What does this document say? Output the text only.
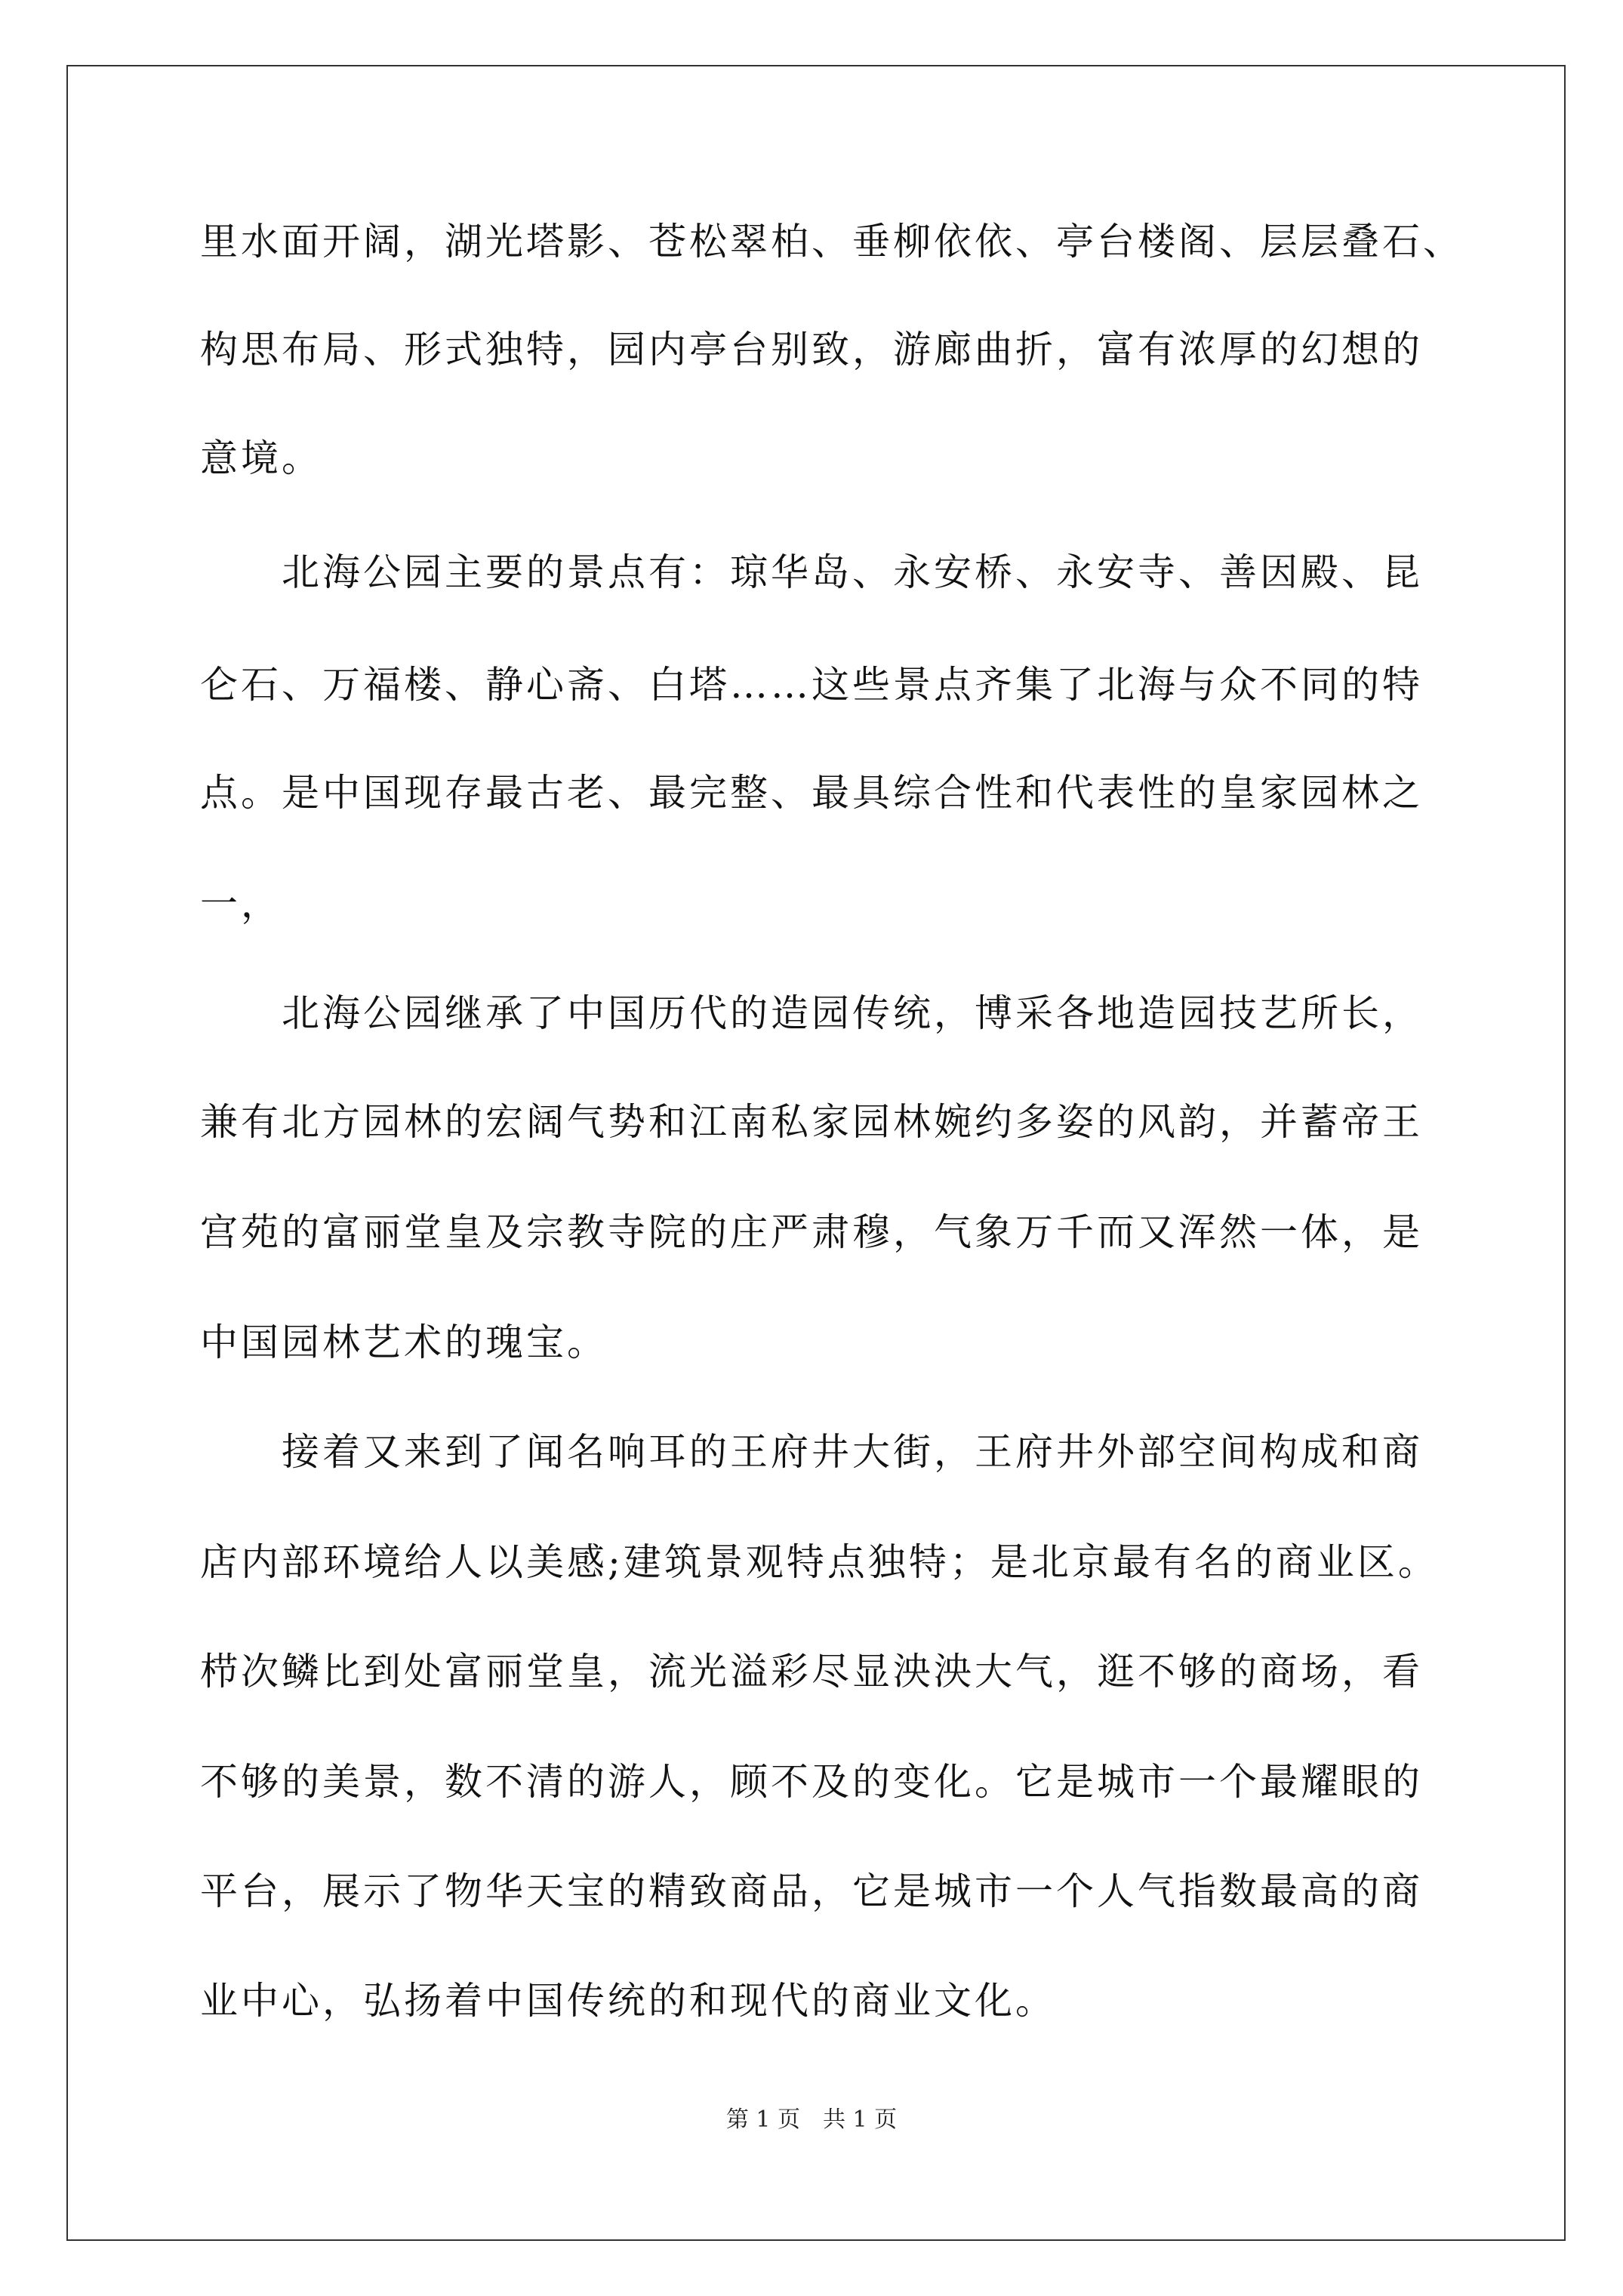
里水面开阔，湖光塔影、苍松翠柏、垂柳依依、亭台楼阁、层层叠石、
构思布局、形式独特，园内亭台别致，游廊曲折，富有浓厚的幻想的
意境。
　　北海公园主要的景点有：琼华岛、永安桥、永安寺、善因殿、昆
仑石、万福楼、静心斋、白塔……这些景点齐集了北海与众不同的特
点。是中国现存最古老、最完整、最具综合性和代表性的皇家园林之
一，
　　北海公园继承了中国历代的造园传统，博采各地造园技艺所长，
兼有北方园林的宏阔气势和江南私家园林婉约多姿的风韵，并蓄帝王
宫苑的富丽堂皇及宗教寺院的庄严肃穆，气象万千而又浑然一体，是
中国园林艺术的瑰宝。
　　接着又来到了闻名响耳的王府井大街，王府井外部空间构成和商
店内部环境给人以美感;建筑景观特点独特；是北京最有名的商业区。
栉次鳞比到处富丽堂皇，流光溢彩尽显泱泱大气，逛不够的商场，看
不够的美景，数不清的游人，顾不及的变化。它是城市一个最耀眼的
平台，展示了物华天宝的精致商品，它是城市一个人气指数最高的商
业中心，弘扬着中国传统的和现代的商业文化。
第 1 页　共 1 页
